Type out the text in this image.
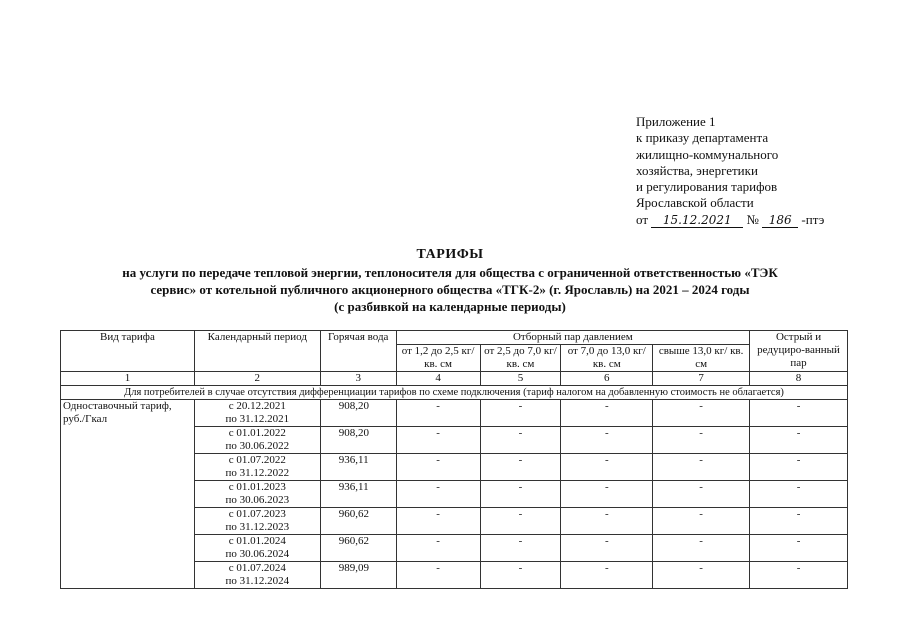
Приложение 1
к приказу департамента
жилищно-коммунального
хозяйства, энергетики
и регулирования тарифов
Ярославской области
от 15.12.2021 № 186 -птэ
ТАРИФЫ
на услуги по передаче тепловой энергии, теплоносителя для общества с ограниченной ответственностью «ТЭК
сервис» от котельной публичного акционерного общества «ТГК-2» (г. Ярославль) на 2021 – 2024 годы
(с разбивкой на календарные периоды)
Вид тарифа	Календарный период	Горячая вода	Отборный пар давлением				Острый и редуциро-ванный пар
			от 1,2 до 2,5 кг/ кв. см	от 2,5 до 7,0 кг/ кв. см	от 7,0 до 13,0 кг/ кв. см	свыше 13,0 кг/ кв. см	
1	2	3	4	5	6	7	8
Для потребителей в случае отсутствия дифференциации тарифов по схеме подключения (тариф налогом на добавленную стоимость не облагается)							
Одноставочный тариф, руб./Гкал	с 20.12.2021
по 31.12.2021	908,20	-	-	-	-	-

	с 01.01.2022
по 30.06.2022	908,20	-	-	-	-	-

	с 01.07.2022
по 31.12.2022	936,11	-	-	-	-	-

	с 01.01.2023
по 30.06.2023	936,11	-	-	-	-	-

	с 01.07.2023
по 31.12.2023	960,62	-	-	-	-	-

	с 01.01.2024
по 30.06.2024	960,62	-	-	-	-	-

	с 01.07.2024
по 31.12.2024	989,09	-	-	-	-	-
